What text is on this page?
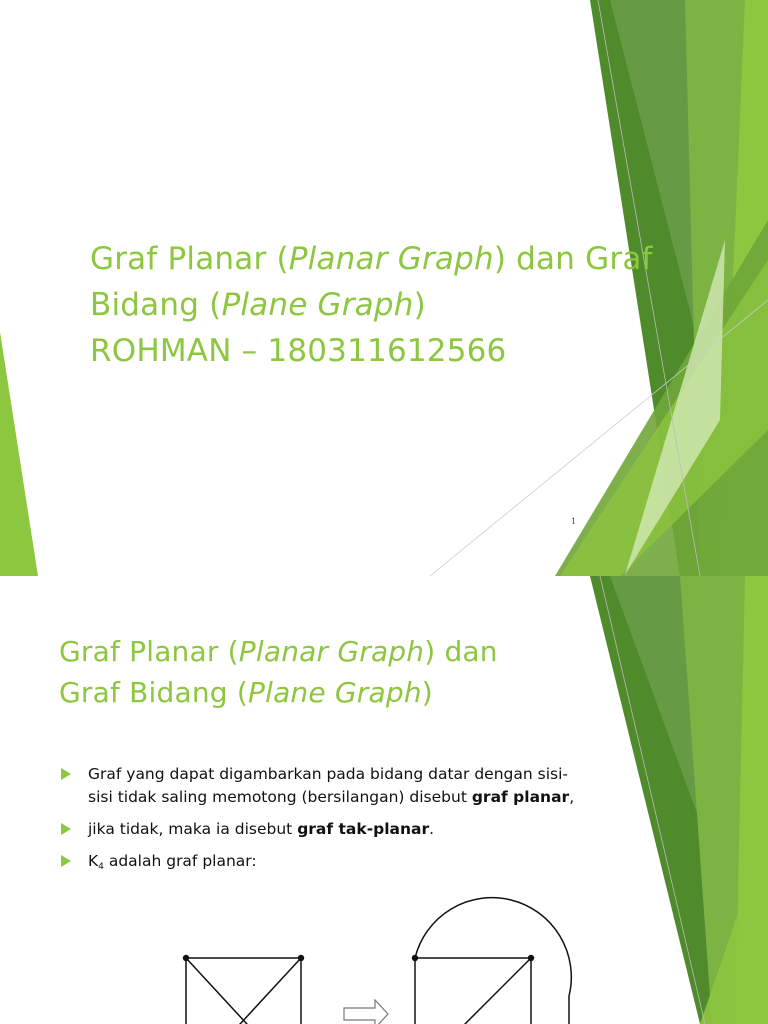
Graf Planar (Planar Graph) dan Graf
Bidang (Plane Graph)
ROHMAN – 180311612566
1
Graf Planar (Planar Graph) dan
Graf Bidang (Plane Graph)
Graf yang dapat digambarkan pada bidang datar dengan sisi-sisi tidak saling memotong (bersilangan) disebut graf planar,
jika tidak, maka ia disebut graf tak-planar.
$K_4$ adalah graf planar:
